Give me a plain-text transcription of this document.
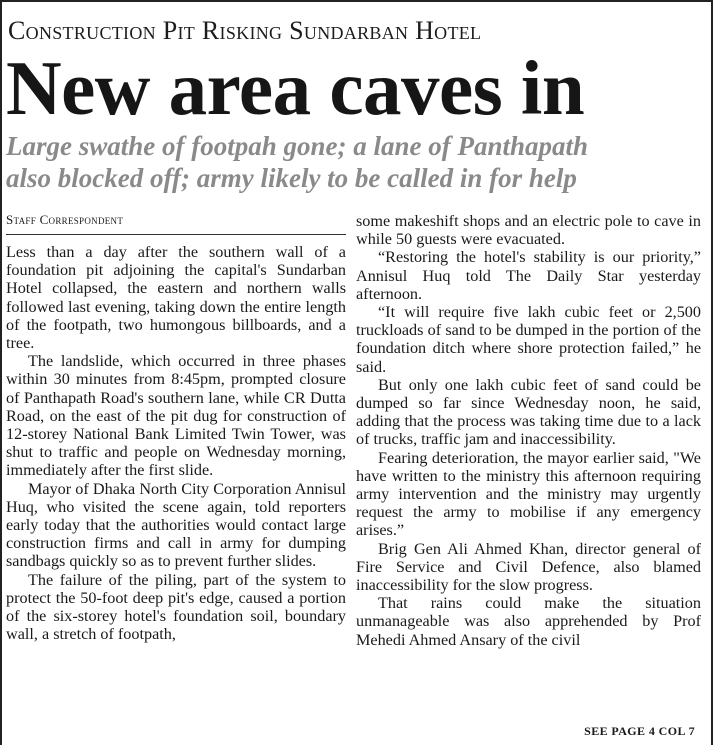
Construction Pit Risking Sundarban Hotel
New area caves in
Large swathe of footpah gone; a lane of Panthapath
also blocked off; army likely to be called in for help
Staff Correspondent

Less than a day after the southern wall of a foundation pit adjoining the capital's Sundarban Hotel collapsed, the eastern and northern walls followed last evening, taking down the entire length of the footpath, two humongous billboards, and a tree.

The landslide, which occurred in three phases within 30 minutes from 8:45pm, prompted closure of Panthapath Road's southern lane, while CR Dutta Road, on the east of the pit dug for construction of 12-storey National Bank Limited Twin Tower, was shut to traffic and people on Wednesday morning, immediately after the first slide.

Mayor of Dhaka North City Corporation Annisul Huq, who visited the scene again, told reporters early today that the authorities would contact large construction firms and call in army for dumping sandbags quickly so as to prevent further slides.

The failure of the piling, part of the system to protect the 50-foot deep pit's edge, caused a portion of the six-storey hotel's foundation soil, boundary wall, a stretch of footpath,

some makeshift shops and an electric pole to cave in while 50 guests were evacuated.

“Restoring the hotel's stability is our priority,” Annisul Huq told The Daily Star yesterday afternoon.

“It will require five lakh cubic feet or 2,500 truckloads of sand to be dumped in the portion of the foundation ditch where shore protection failed,” he said.

But only one lakh cubic feet of sand could be dumped so far since Wednesday noon, he said, adding that the process was taking time due to a lack of trucks, traffic jam and inaccessibility.

Fearing deterioration, the mayor earlier said, "We have written to the ministry this afternoon requiring army intervention and the ministry may urgently request the army to mobilise if any emergency arises.”

Brig Gen Ali Ahmed Khan, director general of Fire Service and Civil Defence, also blamed inaccessibility for the slow progress.

That rains could make the situation unmanageable was also apprehended by Prof Mehedi Ahmed Ansary of the civil

SEE PAGE 4 COL 7
